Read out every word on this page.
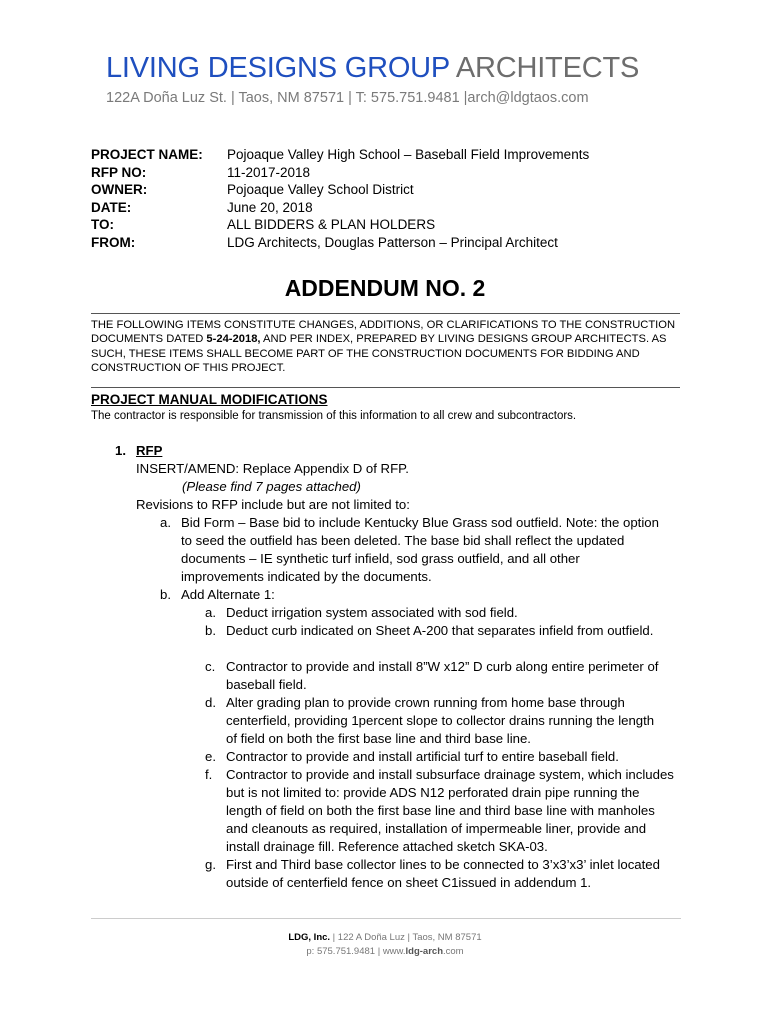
LIVING DESIGNS GROUP ARCHITECTS
122A Doña Luz St. | Taos, NM 87571 | T: 575.751.9481 |arch@ldgtaos.com
PROJECT NAME:	Pojoaque Valley High School – Baseball Field Improvements
RFP NO:	11-2017-2018
OWNER:	Pojoaque Valley School District
DATE:	June 20, 2018
TO:	ALL BIDDERS & PLAN HOLDERS
FROM:	LDG Architects, Douglas Patterson – Principal Architect
ADDENDUM NO. 2
THE FOLLOWING ITEMS CONSTITUTE CHANGES, ADDITIONS, OR CLARIFICATIONS TO THE CONSTRUCTION DOCUMENTS DATED 5-24-2018, AND PER INDEX, PREPARED BY LIVING DESIGNS GROUP ARCHITECTS. AS SUCH, THESE ITEMS SHALL BECOME PART OF THE CONSTRUCTION DOCUMENTS FOR BIDDING AND CONSTRUCTION OF THIS PROJECT.
PROJECT MANUAL MODIFICATIONS
The contractor is responsible for transmission of this information to all crew and subcontractors.
1. RFP
INSERT/AMEND: Replace Appendix D of RFP.
(Please find 7 pages attached)
Revisions to RFP include but are not limited to:
a. Bid Form – Base bid to include Kentucky Blue Grass sod outfield. Note: the option to seed the outfield has been deleted. The base bid shall reflect the updated documents – IE synthetic turf infield, sod grass outfield, and all other improvements indicated by the documents.
b. Add Alternate 1:
a. Deduct irrigation system associated with sod field.
b. Deduct curb indicated on Sheet A-200 that separates infield from outfield.
c. Contractor to provide and install 8”W x12” D curb along entire perimeter of baseball field.
d. Alter grading plan to provide crown running from home base through centerfield, providing 1percent slope to collector drains running the length of field on both the first base line and third base line.
e. Contractor to provide and install artificial turf to entire baseball field.
f.	Contractor to provide and install subsurface drainage system, which includes but is not limited to: provide ADS N12 perforated drain pipe running the length of field on both the first base line and third base line with manholes and cleanouts as required, installation of impermeable liner, provide and install drainage fill. Reference attached sketch SKA-03.
g. First and Third base collector lines to be connected to 3’x3’x3’ inlet located outside of centerfield fence on sheet C1issued in addendum 1.
LDG, Inc. | 122 A Doña Luz | Taos, NM 87571
p: 575.751.9481 | www.ldg-arch.com
